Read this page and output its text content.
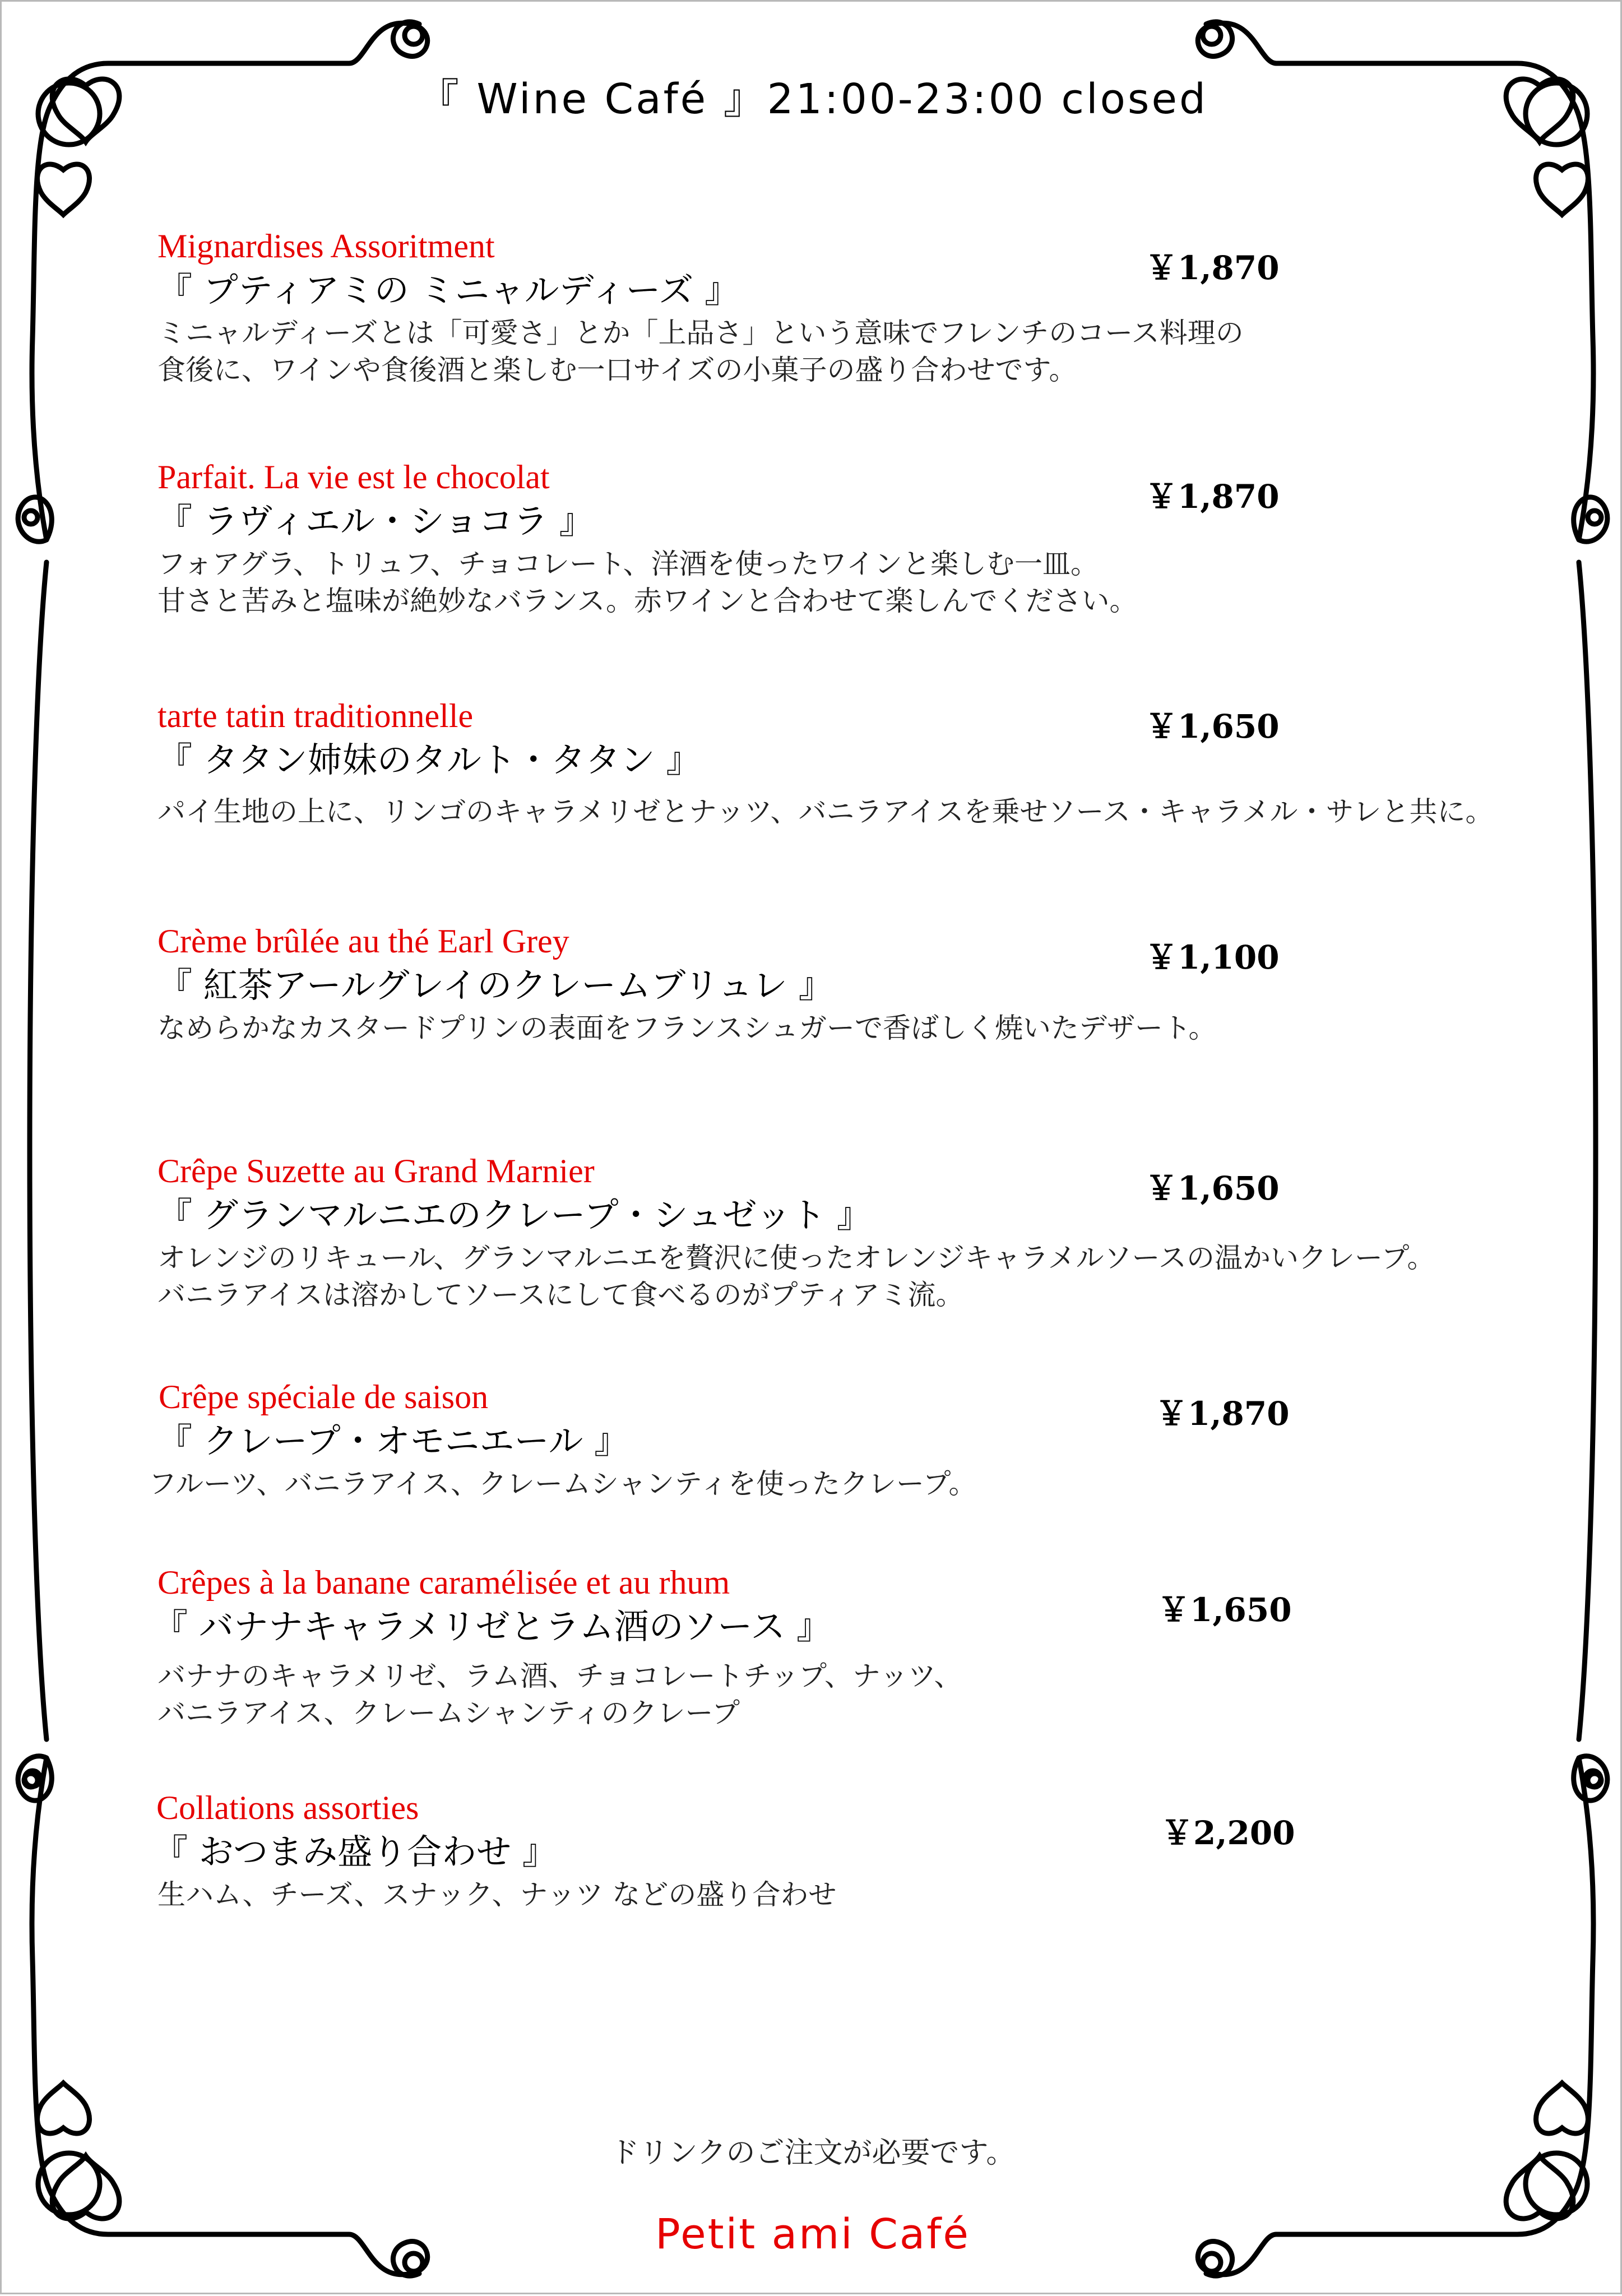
『 Wine Café 』21:00-23:00 closed
Mignardises Assoritment
『 プティアミの ミニャルディーズ 』
ミニャルディーズとは「可愛さ」とか「上品さ」という意味でフレンチのコース料理の
食後に、ワインや食後酒と楽しむ一口サイズの小菓子の盛り合わせです。
￥1,870
Parfait. La vie est le chocolat
『 ラヴィエル・ショコラ 』
フォアグラ、トリュフ、チョコレート、洋酒を使ったワインと楽しむ一皿。
甘さと苦みと塩味が絶妙なバランス。赤ワインと合わせて楽しんでください。
￥1,870
tarte tatin traditionnelle
『 タタン姉妹のタルト・タタン 』
パイ生地の上に、リンゴのキャラメリゼとナッツ、バニラアイスを乗せソース・キャラメル・サレと共に。
￥1,650
Crème brûlée au thé Earl Grey
『 紅茶アールグレイのクレームブリュレ 』
なめらかなカスタードプリンの表面をフランスシュガーで香ばしく焼いたデザート。
￥1,100
Crêpe Suzette au Grand Marnier
『 グランマルニエのクレープ・シュゼット 』
オレンジのリキュール、グランマルニエを贅沢に使ったオレンジキャラメルソースの温かいクレープ。
バニラアイスは溶かしてソースにして食べるのがプティアミ流。
￥1,650
Crêpe spéciale de saison
『 クレープ・オモニエール 』
フルーツ、バニラアイス、クレームシャンティを使ったクレープ。
￥1,870
Crêpes à la banane caramélisée et au rhum
『 バナナキャラメリゼとラム酒のソース 』
バナナのキャラメリゼ、ラム酒、チョコレートチップ、ナッツ、
バニラアイス、クレームシャンティのクレープ
￥1,650
Collations assorties
『 おつまみ盛り合わせ 』
生ハム、チーズ、スナック、ナッツ などの盛り合わせ
￥2,200
ドリンクのご注文が必要です。
Petit ami Café
